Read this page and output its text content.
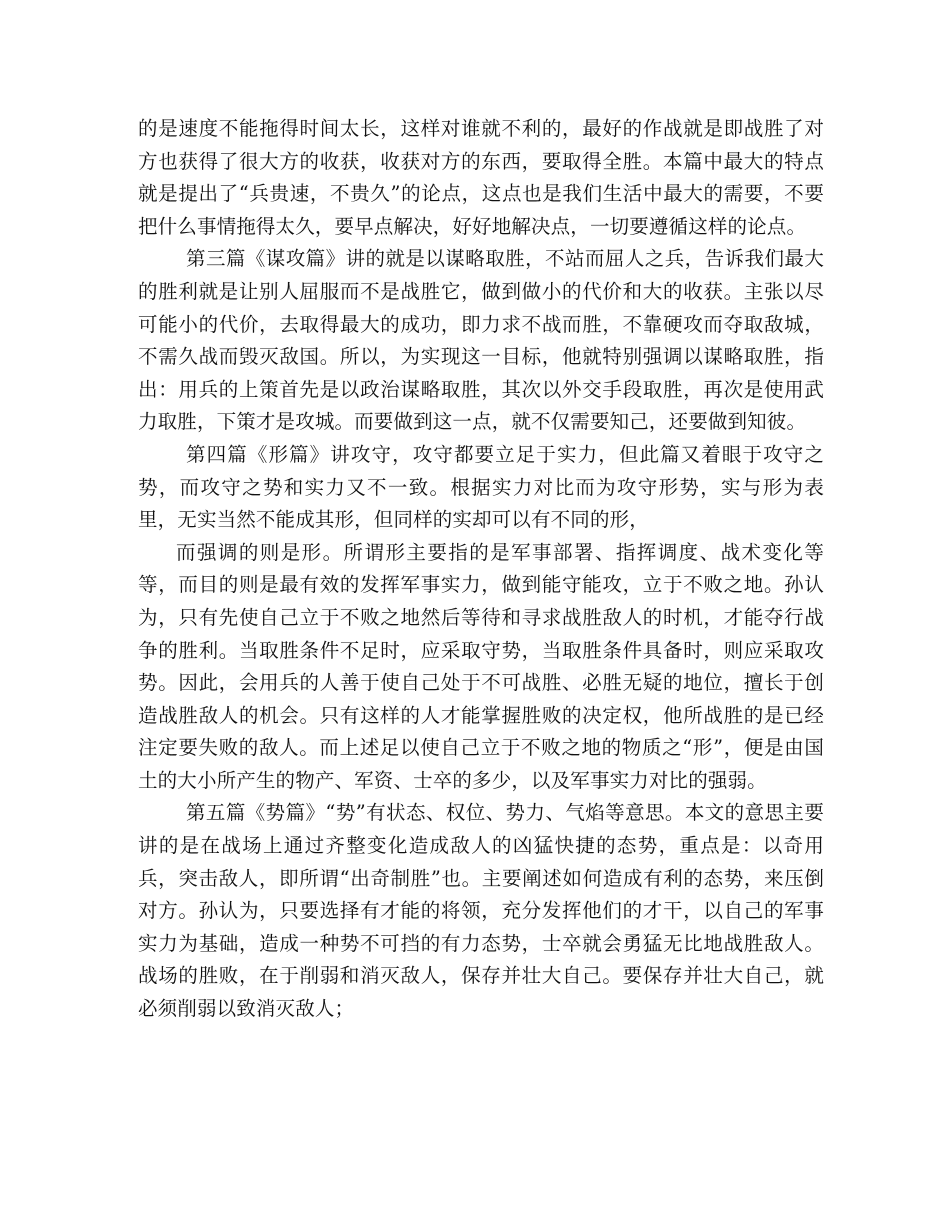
的是速度不能拖得时间太长，这样对谁就不利的，最好的作战就是即战胜了对方也获得了很大方的收获，收获对方的东西，要取得全胜。本篇中最大的特点就是提出了“兵贵速，不贵久”的论点，这点也是我们生活中最大的需要，不要把什么事情拖得太久，要早点解决，好好地解决点，一切要遵循这样的论点。

第三篇《谋攻篇》讲的就是以谋略取胜，不站而屈人之兵，告诉我们最大的胜利就是让别人屈服而不是战胜它，做到做小的代价和大的收获。主张以尽可能小的代价，去取得最大的成功，即力求不战而胜，不靠硬攻而夺取敌城，不需久战而毁灭敌国。所以，为实现这一目标，他就特别强调以谋略取胜，指出：用兵的上策首先是以政治谋略取胜，其次以外交手段取胜，再次是使用武力取胜，下策才是攻城。而要做到这一点，就不仅需要知己，还要做到知彼。

第四篇《形篇》讲攻守，攻守都要立足于实力，但此篇又着眼于攻守之势，而攻守之势和实力又不一致。根据实力对比而为攻守形势，实与形为表里，无实当然不能成其形，但同样的实却可以有不同的形，

而强调的则是形。所谓形主要指的是军事部署、指挥调度、战术变化等等，而目的则是最有效的发挥军事实力，做到能守能攻，立于不败之地。孙认为，只有先使自己立于不败之地然后等待和寻求战胜敌人的时机，才能夺行战争的胜利。当取胜条件不足时，应采取守势，当取胜条件具备时，则应采取攻势。因此，会用兵的人善于使自己处于不可战胜、必胜无疑的地位，擅长于创造战胜敌人的机会。只有这样的人才能掌握胜败的决定权，他所战胜的是已经注定要失败的敌人。而上述足以使自己立于不败之地的物质之“形”，便是由国土的大小所产生的物产、军资、士卒的多少，以及军事实力对比的强弱。

第五篇《势篇》“势”有状态、权位、势力、气焰等意思。本文的意思主要讲的是在战场上通过齐整变化造成敌人的凶猛快捷的态势，重点是：以奇用兵，突击敌人，即所谓“出奇制胜”也。主要阐述如何造成有利的态势，来压倒对方。孙认为，只要选择有才能的将领，充分发挥他们的才干，以自己的军事实力为基础，造成一种势不可挡的有力态势，士卒就会勇猛无比地战胜敌人。战场的胜败，在于削弱和消灭敌人，保存并壮大自己。要保存并壮大自己，就必须削弱以致消灭敌人；
